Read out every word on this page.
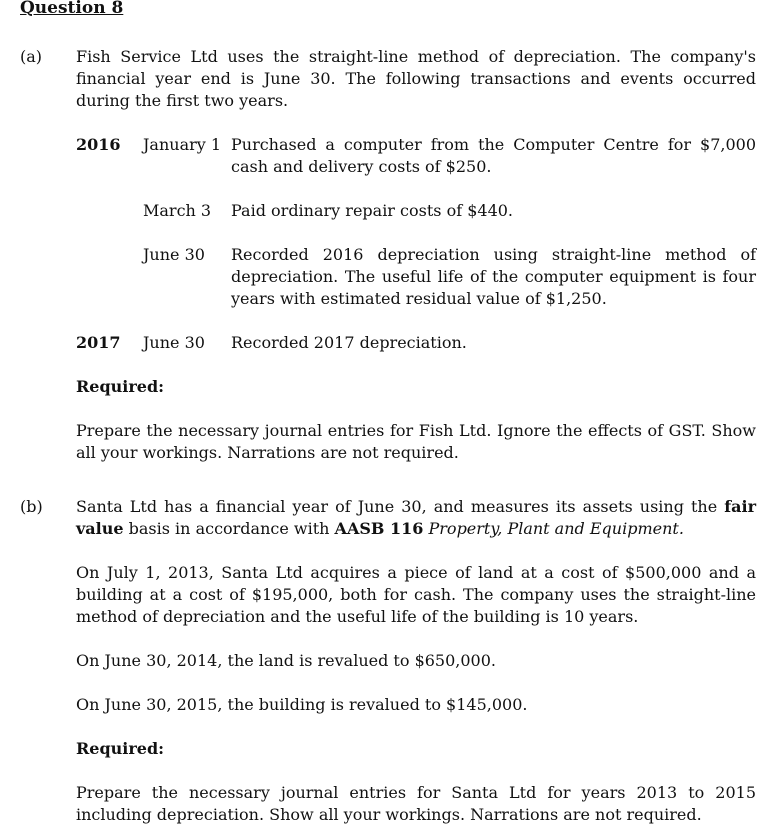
Question 8
(a) Fish Service Ltd uses the straight-line method of depreciation. The company's financial year end is June 30. The following transactions and events occurred during the first two years.
2016 January 1 Purchased a computer from the Computer Centre for $7,000 cash and delivery costs of $250.
March 3 Paid ordinary repair costs of $440.
June 30 Recorded 2016 depreciation using straight-line method of depreciation. The useful life of the computer equipment is four years with estimated residual value of $1,250.
2017 June 30 Recorded 2017 depreciation.
Required:
Prepare the necessary journal entries for Fish Ltd. Ignore the effects of GST. Show all your workings. Narrations are not required.
(b) Santa Ltd has a financial year of June 30, and measures its assets using the fair value basis in accordance with AASB 116 Property, Plant and Equipment.
On July 1, 2013, Santa Ltd acquires a piece of land at a cost of $500,000 and a building at a cost of $195,000, both for cash. The company uses the straight-line method of depreciation and the useful life of the building is 10 years.
On June 30, 2014, the land is revalued to $650,000.
On June 30, 2015, the building is revalued to $145,000.
Required:
Prepare the necessary journal entries for Santa Ltd for years 2013 to 2015 including depreciation. Show all your workings. Narrations are not required.
